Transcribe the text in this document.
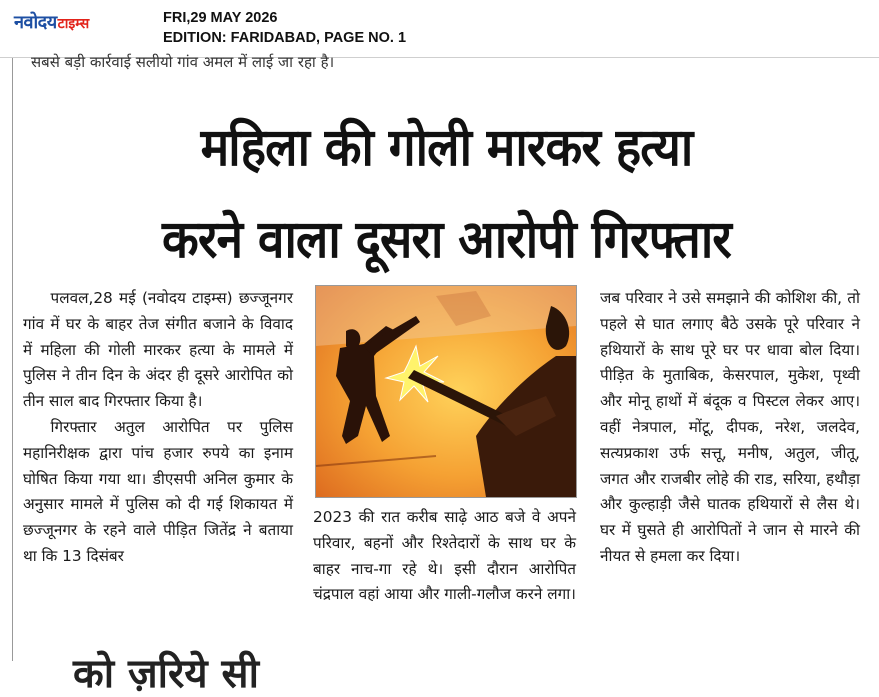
नवोदय टाइम्स	FRI,29 MAY 2026
EDITION: FARIDABAD, PAGE NO. 1
सबसे बड़ी कार्रवाई सलीयो गांव अमल में लाई जा रहा है।
महिला की गोली मारकर हत्या
करने वाला दूसरा आरोपी गिरफ्तार

पलवल,28 मई (नवोदय टाइम्स) छज्जूनगर गांव में घर के बाहर तेज संगीत बजाने के विवाद में महिला की गोली मारकर हत्या के मामले में पुलिस ने तीन दिन के अंदर ही दूसरे आरोपित को तीन साल बाद गिरफ्तार किया है।

गिरफ्तार अतुल आरोपित पर पुलिस महानिरीक्षक द्वारा पांच हजार रुपये का इनाम घोषित किया गया था। डीएसपी अनिल कुमार के अनुसार मामले में पुलिस को दी गई शिकायत में छज्जूनगर के रहने वाले पीड़ित जितेंद्र ने बताया था कि 13 दिसंबर

2023 की रात करीब साढ़े आठ बजे वे अपने परिवार, बहनों और रिश्तेदारों के साथ घर के बाहर नाच-गा रहे थे। इसी दौरान आरोपित चंद्रपाल वहां आया और गाली-गलौज करने लगा।

जब परिवार ने उसे समझाने की कोशिश की, तो पहले से घात लगाए बैठे उसके पूरे परिवार ने हथियारों के साथ पूरे घर पर धावा बोल दिया। पीड़ित के मुताबिक, केसरपाल, मुकेश, पृथ्वी और मोनू हाथों में बंदूक व पिस्टल लेकर आए। वहीं नेत्रपाल, मोंटू, दीपक, नरेश, जलदेव, सत्यप्रकाश उर्फ सत्तू, मनीष, अतुल, जीतू, जगत और राजबीर लोहे की राड, सरिया, हथौड़ा और कुल्हाड़ी जैसे घातक हथियारों से लैस थे। घर में घुसते ही आरोपितों ने जान से मारने की नीयत से हमला कर दिया।

को ज़रिये सी
